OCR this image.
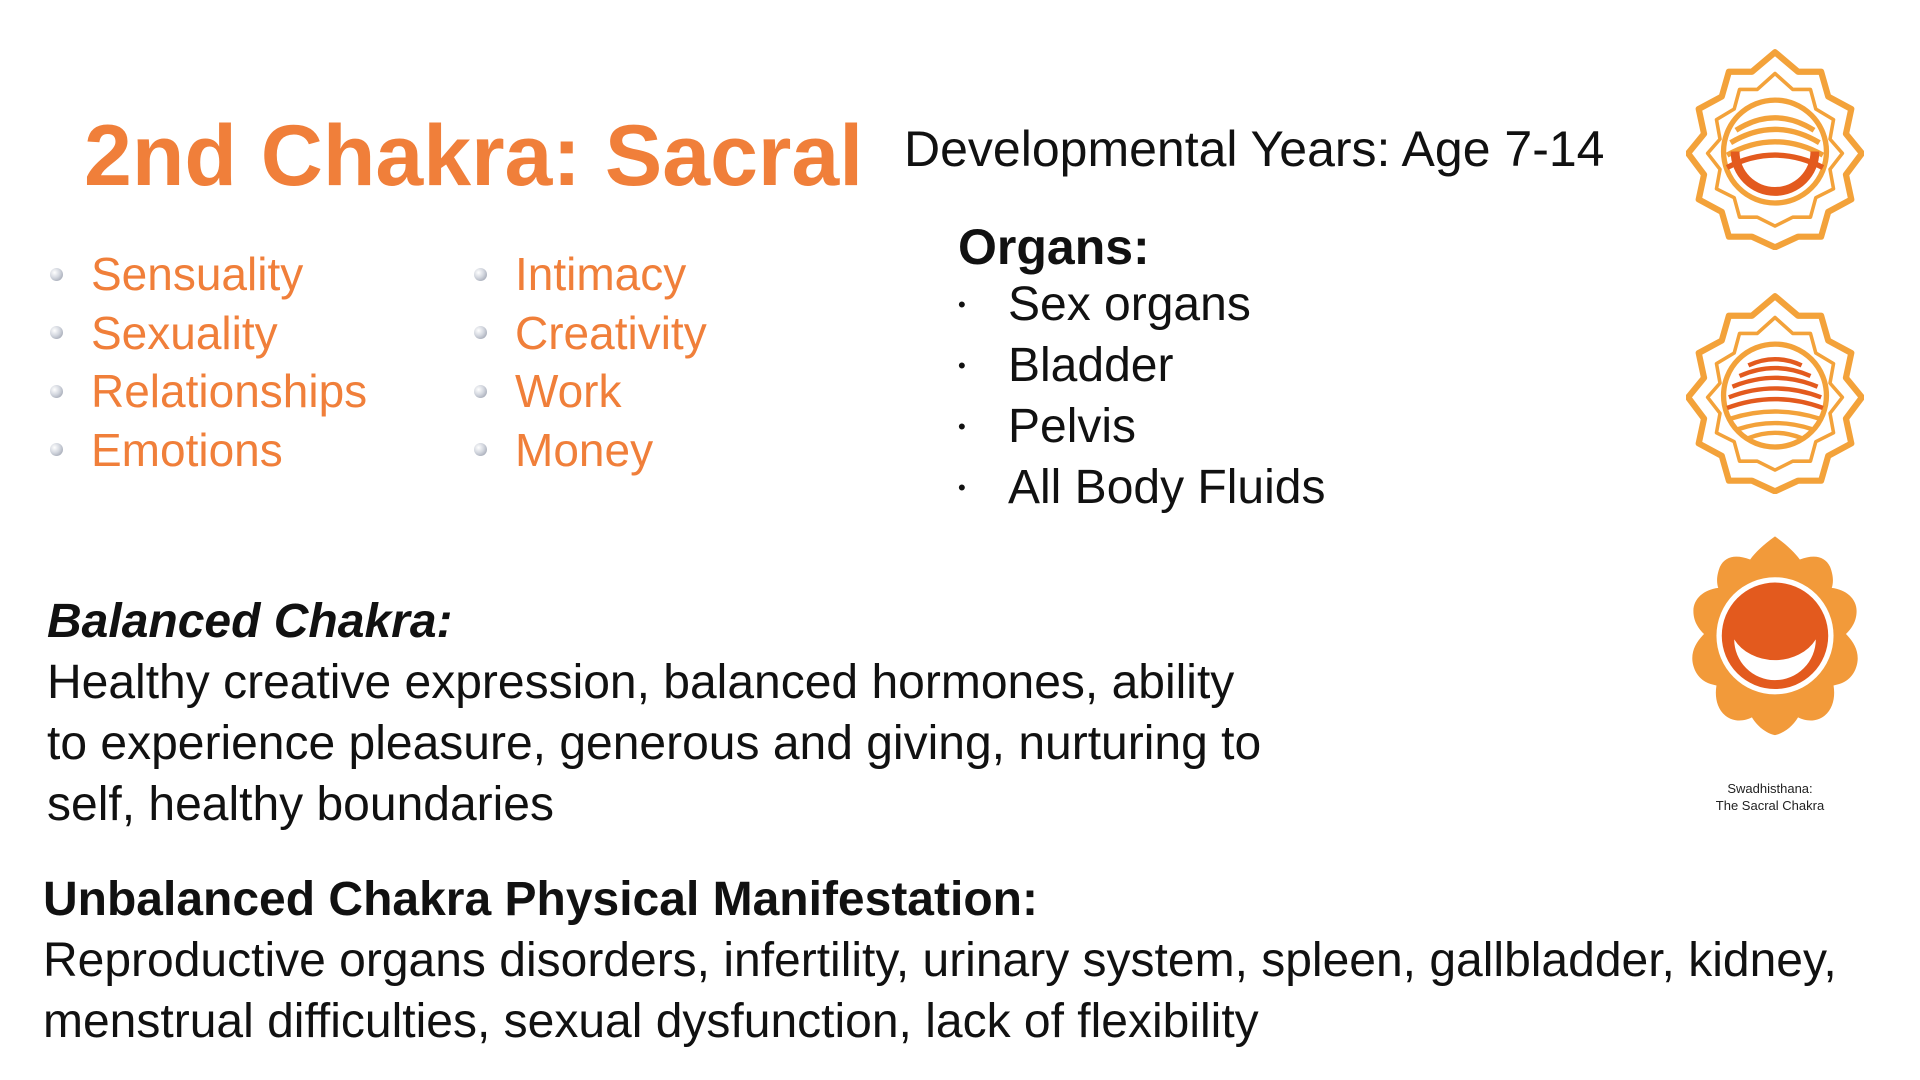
2nd Chakra: Sacral Developmental Years: Age 7-14
Sensuality
Sexuality
Relationships
Emotions
Intimacy
Creativity
Work
Money
Organs:
• Sex organs
• Bladder
• Pelvis
• All Body Fluids
Balanced Chakra:
Healthy creative expression, balanced hormones, ability to experience pleasure, generous and giving, nurturing to self, healthy boundaries
Unbalanced Chakra Physical Manifestation:
Reproductive organs disorders, infertility, urinary system, spleen, gallbladder, kidney, menstrual difficulties, sexual dysfunction, lack of flexibility
Swadhisthana:
The Sacral Chakra
